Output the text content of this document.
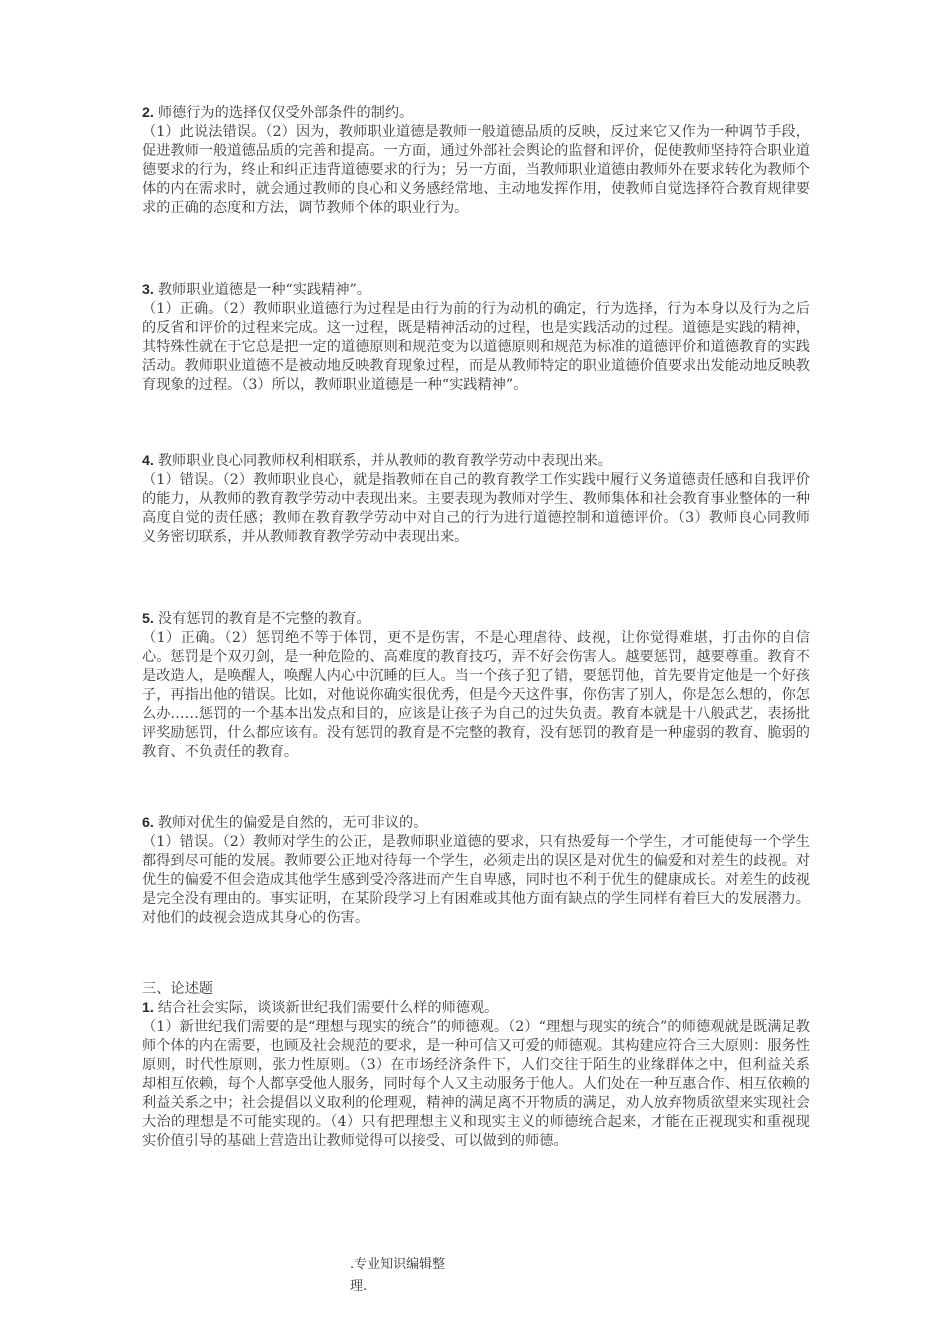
2. 师德行为的选择仅仅受外部条件的制约。

（1）此说法错误。（2）因为，教师职业道德是教师一般道德品质的反映，反过来它又作为一种调节手段，促进教师一般道德品质的完善和提高。一方面，通过外部社会舆论的监督和评价，促使教师坚持符合职业道德要求的行为，终止和纠正违背道德要求的行为；另一方面，当教师职业道德由教师外在要求转化为教师个体的内在需求时，就会通过教师的良心和义务感经常地、主动地发挥作用，使教师自觉选择符合教育规律要求的正确的态度和方法，调节教师个体的职业行为。

3. 教师职业道德是一种“实践精神”。

（1）正确。（2）教师职业道德行为过程是由行为前的行为动机的确定，行为选择，行为本身以及行为之后的反省和评价的过程来完成。这一过程，既是精神活动的过程，也是实践活动的过程。道德是实践的精神，其特殊性就在于它总是把一定的道德原则和规范变为以道德原则和规范为标准的道德评价和道德教育的实践活动。教师职业道德不是被动地反映教育现象过程，而是从教师特定的职业道德价值要求出发能动地反映教育现象的过程。（3）所以，教师职业道德是一种“实践精神”。

4. 教师职业良心同教师权利相联系，并从教师的教育教学劳动中表现出来。

（1）错误。（2）教师职业良心，就是指教师在自己的教育教学工作实践中履行义务道德责任感和自我评价的能力，从教师的教育教学劳动中表现出来。主要表现为教师对学生、教师集体和社会教育事业整体的一种高度自觉的责任感；教师在教育教学劳动中对自己的行为进行道德控制和道德评价。（3）教师良心同教师义务密切联系，并从教师教育教学劳动中表现出来。

5. 没有惩罚的教育是不完整的教育。

（1）正确。（2）惩罚绝不等于体罚，更不是伤害，不是心理虐待、歧视，让你觉得难堪，打击你的自信心。惩罚是个双刃剑，是一种危险的、高难度的教育技巧，弄不好会伤害人。越要惩罚，越要尊重。教育不是改造人，是唤醒人，唤醒人内心中沉睡的巨人。当一个孩子犯了错，要惩罚他，首先要肯定他是一个好孩子，再指出他的错误。比如，对他说你确实很优秀，但是今天这件事，你伤害了别人，你是怎么想的，你怎么办……惩罚的一个基本出发点和目的，应该是让孩子为自己的过失负责。教育本就是十八般武艺，表扬批评奖励惩罚，什么都应该有。没有惩罚的教育是不完整的教育，没有惩罚的教育是一种虚弱的教育、脆弱的教育、不负责任的教育。

6. 教师对优生的偏爱是自然的，无可非议的。

（1）错误。（2）教师对学生的公正，是教师职业道德的要求，只有热爱每一个学生，才可能使每一个学生都得到尽可能的发展。教师要公正地对待每一个学生，必须走出的误区是对优生的偏爱和对差生的歧视。对优生的偏爱不但会造成其他学生感到受冷落进而产生自卑感，同时也不利于优生的健康成长。对差生的歧视是完全没有理由的。事实证明，在某阶段学习上有困难或其他方面有缺点的学生同样有着巨大的发展潜力。对他们的歧视会造成其身心的伤害。

三、论述题

1. 结合社会实际，谈谈新世纪我们需要什么样的师德观。

（1）新世纪我们需要的是“理想与现实的统合”的师德观。（2）“理想与现实的统合”的师德观就是既满足教师个体的内在需要，也顾及社会规范的要求，是一种可信又可爱的师德观。其构建应符合三大原则：服务性原则，时代性原则，张力性原则。（3）在市场经济条件下，人们交往于陌生的业缘群体之中，但利益关系却相互依赖，每个人都享受他人服务，同时每个人又主动服务于他人。人们处在一种互惠合作、相互依赖的利益关系之中；社会提倡以义取利的伦理观，精神的满足离不开物质的满足，劝人放弃物质欲望来实现社会大治的理想是不可能实现的。（4）只有把理想主义和现实主义的师德统合起来，才能在正视现实和重视现实价值引导的基础上营造出让教师觉得可以接受、可以做到的师德。

.专业知识编辑整
理.
